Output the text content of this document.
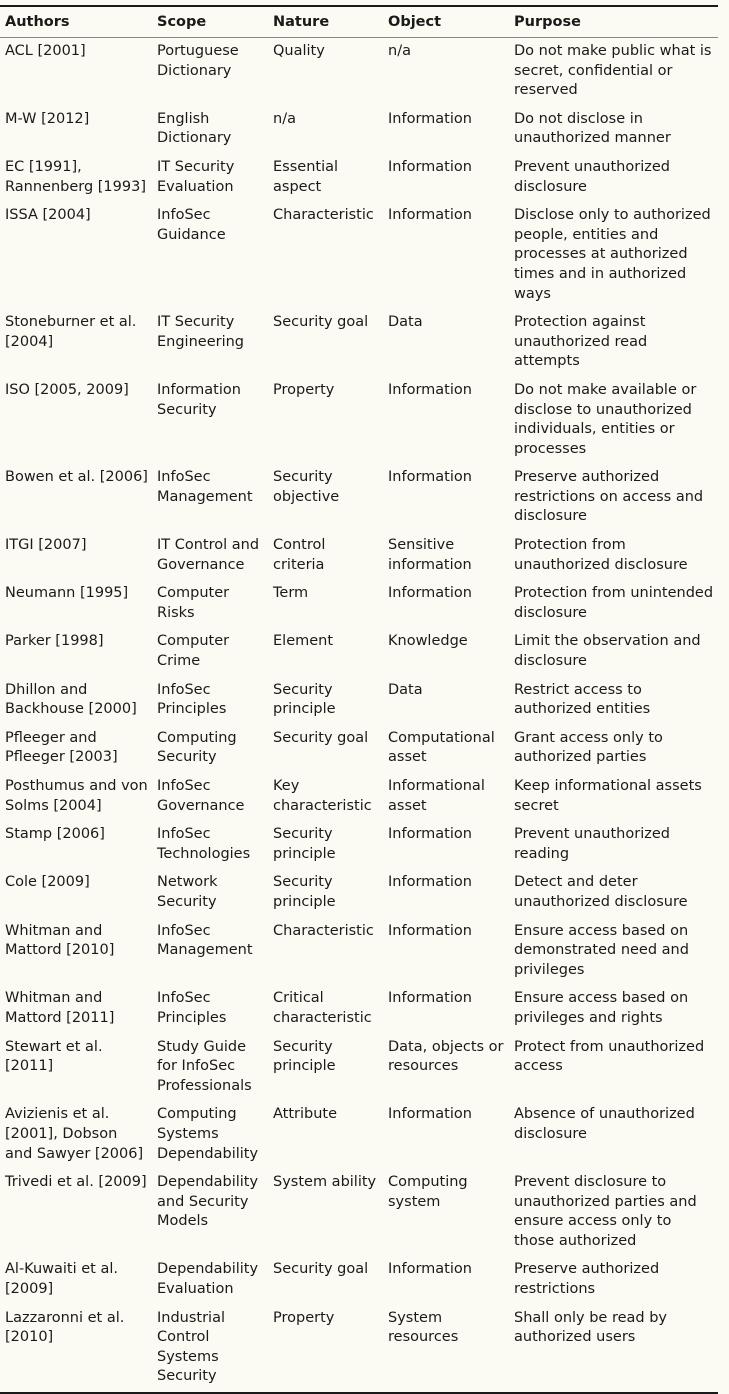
Authors	Scope	Nature	Object	Purpose
ACL [2001]	Portuguese Dictionary	Quality	n/a	Do not make public what is secret, confidential or reserved
M-W [2012]	English Dictionary	n/a	Information	Do not disclose in unauthorized manner
EC [1991], Rannenberg [1993]	IT Security Evaluation	Essential aspect	Information	Prevent unauthorized disclosure
ISSA [2004]	InfoSec Guidance	Characteristic	Information	Disclose only to authorized people, entities and processes at authorized times and in authorized ways
Stoneburner et al. [2004]	IT Security Engineering	Security goal	Data	Protection against unauthorized read attempts
ISO [2005, 2009]	Information Security	Property	Information	Do not make available or disclose to unauthorized individuals, entities or processes
Bowen et al. [2006]	InfoSec Management	Security objective	Information	Preserve authorized restrictions on access and disclosure
ITGI [2007]	IT Control and Governance	Control criteria	Sensitive information	Protection from unauthorized disclosure
Neumann [1995]	Computer Risks	Term	Information	Protection from unintended disclosure
Parker [1998]	Computer Crime	Element	Knowledge	Limit the observation and disclosure
Dhillon and Backhouse [2000]	InfoSec Principles	Security principle	Data	Restrict access to authorized entities
Pfleeger and Pfleeger [2003]	Computing Security	Security goal	Computational asset	Grant access only to authorized parties
Posthumus and von Solms [2004]	InfoSec Governance	Key characteristic	Informational asset	Keep informational assets secret
Stamp [2006]	InfoSec Technologies	Security principle	Information	Prevent unauthorized reading
Cole [2009]	Network Security	Security principle	Information	Detect and deter unauthorized disclosure
Whitman and Mattord [2010]	InfoSec Management	Characteristic	Information	Ensure access based on demonstrated need and privileges
Whitman and Mattord [2011]	InfoSec Principles	Critical characteristic	Information	Ensure access based on privileges and rights
Stewart et al. [2011]	Study Guide for InfoSec Professionals	Security principle	Data, objects or resources	Protect from unauthorized access
Avizienis et al. [2001], Dobson and Sawyer [2006]	Computing Systems Dependability	Attribute	Information	Absence of unauthorized disclosure
Trivedi et al. [2009]	Dependability and Security Models	System ability	Computing system	Prevent disclosure to unauthorized parties and ensure access only to those authorized
Al-Kuwaiti et al. [2009]	Dependability Evaluation	Security goal	Information	Preserve authorized restrictions
Lazzaronni et al. [2010]	Industrial Control Systems Security	Property	System resources	Shall only be read by authorized users
